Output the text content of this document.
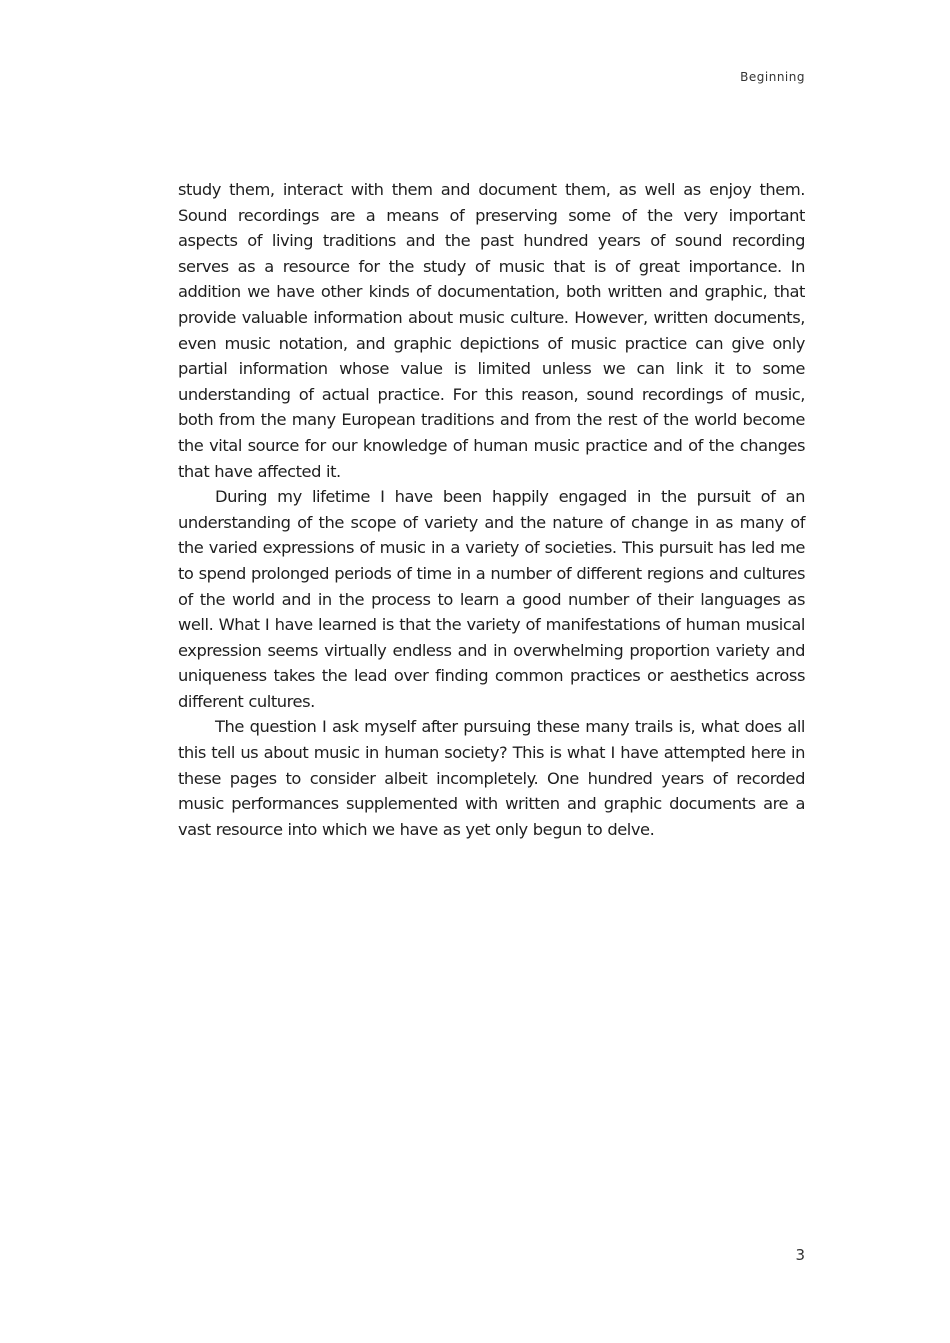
Beginning

study them, interact with them and document them, as well as enjoy them. Sound recordings are a means of preserving some of the very important aspects of living traditions and the past hundred years of sound recording serves as a resource for the study of music that is of great importance. In addition we have other kinds of documentation, both written and graphic, that provide valuable information about music culture. However, written documents, even music notation, and graphic depictions of music practice can give only partial information whose value is limited unless we can link it to some understanding of actual practice. For this reason, sound recordings of music, both from the many European traditions and from the rest of the world become the vital source for our knowledge of human music practice and of the changes that have affected it.

During my lifetime I have been happily engaged in the pursuit of an understanding of the scope of variety and the nature of change in as many of the varied expressions of music in a variety of societies. This pursuit has led me to spend prolonged periods of time in a number of different regions and cultures of the world and in the process to learn a good number of their languages as well. What I have learned is that the variety of manifestations of human musical expression seems virtually endless and in overwhelming proportion variety and uniqueness takes the lead over finding common practices or aesthetics across different cultures.

The question I ask myself after pursuing these many trails is, what does all this tell us about music in human society? This is what I have attempted here in these pages to consider albeit incompletely. One hundred years of recorded music performances supplemented with written and graphic documents are a vast resource into which we have as yet only begun to delve.

3
